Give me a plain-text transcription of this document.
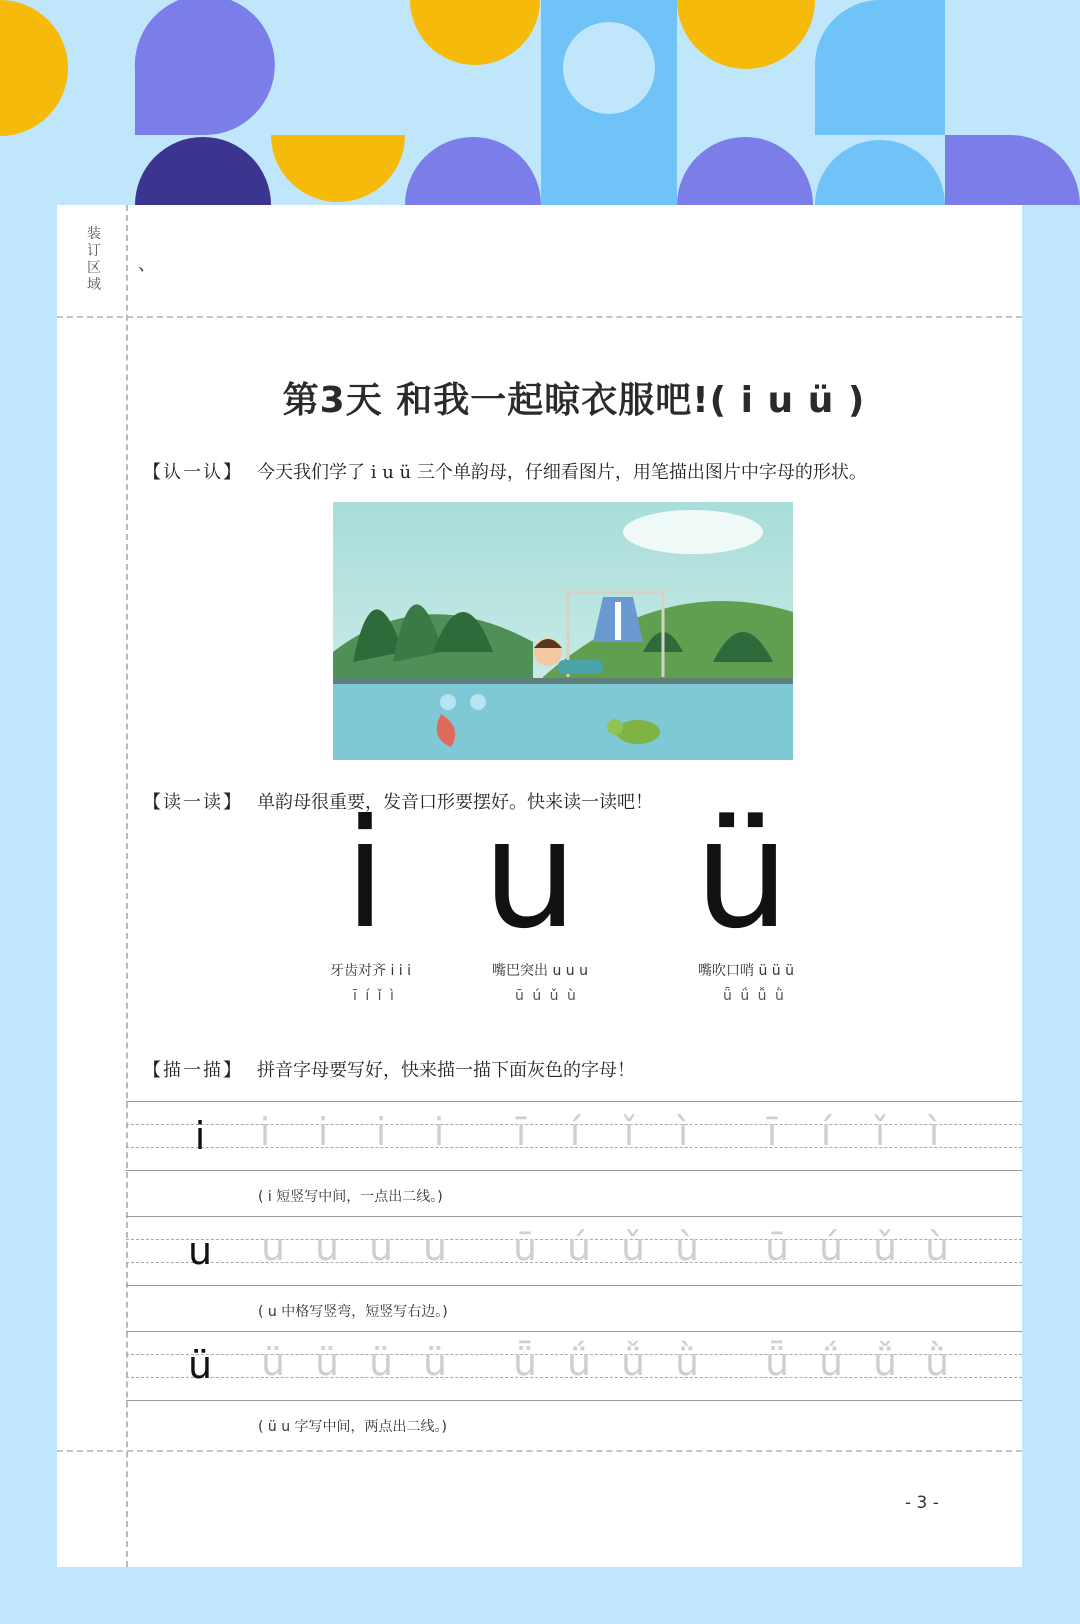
装订区域
、
第3天 和我一起晾衣服吧!( i u ü )
【认一认】 今天我们学了 i u ü 三个单韵母，仔细看图片，用笔描出图片中字母的形状。
【读一读】 单韵母很重要，发音口形要摆好。快来读一读吧！
i u ü
牙齿对齐 i i i	嘴巴突出 u u u	嘴吹口哨 ü ü ü
ī í ǐ ì	ū ú ǔ ù	ǖ ǘ ǚ ǜ
【描一描】 拼音字母要写好，快来描一描下面灰色的字母！
i	i	i	i	i	ī	í	ǐ	ì	ī	í	ǐ	ì
( i 短竖写中间，一点出二线。)
u	u u u u	ū ú ǔ ù	ū ú ǔ ù
( u 中格写竖弯，短竖写右边。)
ü	ü ü ü ü	ǖ ǘ ǚ ǜ	ǖ ǘ ǚ ǜ
( ü u 字写中间，两点出二线。)
- 3 -
